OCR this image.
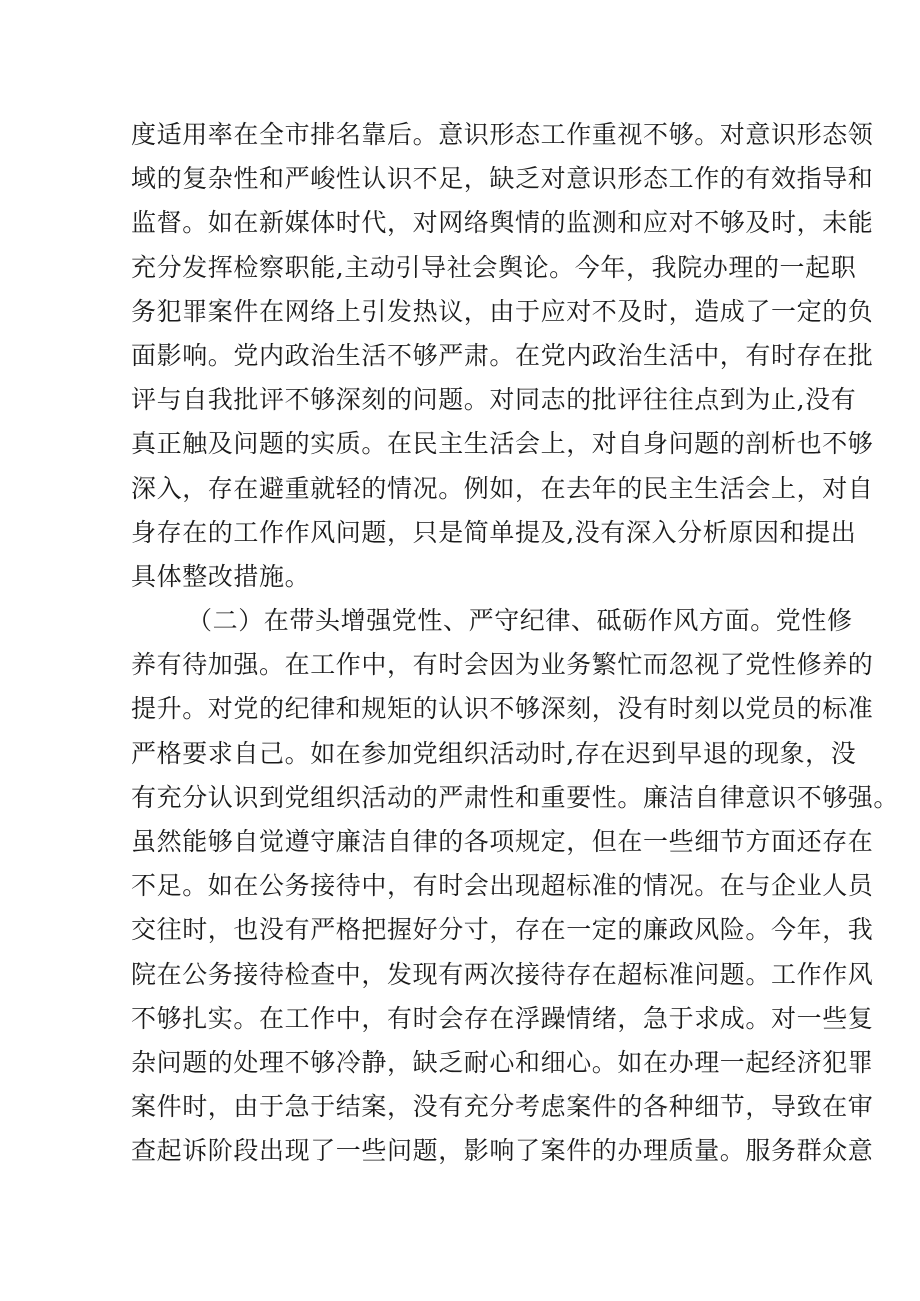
度适用率在全市排名靠后。意识形态工作重视不够。对意识形态领
域的复杂性和严峻性认识不足，缺乏对意识形态工作的有效指导和
监督。如在新媒体时代，对网络舆情的监测和应对不够及时，未能
充分发挥检察职能,主动引导社会舆论。今年，我院办理的一起职
务犯罪案件在网络上引发热议，由于应对不及时，造成了一定的负
面影响。党内政治生活不够严肃。在党内政治生活中，有时存在批
评与自我批评不够深刻的问题。对同志的批评往往点到为止,没有
真正触及问题的实质。在民主生活会上，对自身问题的剖析也不够
深入，存在避重就轻的情况。例如，在去年的民主生活会上，对自
身存在的工作作风问题，只是简单提及,没有深入分析原因和提出
具体整改措施。
（二）在带头增强党性、严守纪律、砥砺作风方面。党性修
养有待加强。在工作中，有时会因为业务繁忙而忽视了党性修养的
提升。对党的纪律和规矩的认识不够深刻，没有时刻以党员的标准
严格要求自己。如在参加党组织活动时,存在迟到早退的现象，没
有充分认识到党组织活动的严肃性和重要性。廉洁自律意识不够强。
虽然能够自觉遵守廉洁自律的各项规定，但在一些细节方面还存在
不足。如在公务接待中，有时会出现超标准的情况。在与企业人员
交往时，也没有严格把握好分寸，存在一定的廉政风险。今年，我
院在公务接待检查中，发现有两次接待存在超标准问题。工作作风
不够扎实。在工作中，有时会存在浮躁情绪，急于求成。对一些复
杂问题的处理不够冷静，缺乏耐心和细心。如在办理一起经济犯罪
案件时，由于急于结案，没有充分考虑案件的各种细节，导致在审
查起诉阶段出现了一些问题，影响了案件的办理质量。服务群众意
